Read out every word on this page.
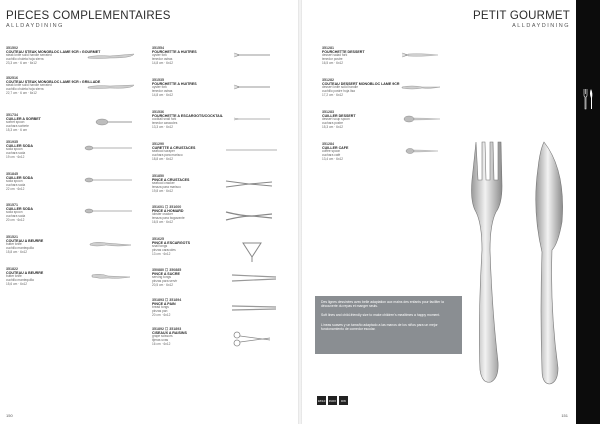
PIECES COMPLEMENTAIRES
ALLDAYDINING
351502
COUTEAU STEAK MONOBLOC LAME 9CR • GOURMET
steak knife solid handle serrated
cuchillo chuleta hoja sierra
23,3 cm · 6 cm · 6x12
352516
COUTEAU STEAK MONOBLOC LAME 9CR • GRILLADE
steak knife solid handle serrated
cuchillo chuleta hoja sierra
22,7 cm · 6 cm · 6x12
351734
CUILLER A SORBET
sorbet spoon
cuchara sorbete
15,3 cm · 6 cm
351935
CUILLER SODA
soda spoon
cuchara soda
19 cm · 6x12
351845
CUILLER SODA
soda spoon
cuchara soda
22 cm · 6x12
351571
CUILLER SODA
soda spoon
cuchara soda
20 cm · 6x12
351521
COUTEAU A BEURRE
butter knife
cuchillo mantequilla
15,8 cm · 6x12
351822
COUTEAU A BEURRE
butter knife
cuchillo mantequilla
15,6 cm · 6x12
351554
FOURCHETTE A HUITRES
oyster fork
tenedor ostras
14,8 cm · 6x12
351535
FOURCHETTE A HUITRES
oyster fork
tenedor ostras
14,8 cm · 6x12
351536
FOURCHETTE A ESCARGOTS/COCKTAIL
cocktail snail fork
tenedor caracoles
13,3 cm · 6x12
351290
CURETTE A CRUSTACES
seafood scraper
cuchara para marisco
18,8 cm · 6x12
351850
PINCE A CRUSTACES
seafood cracker
tenaza para marisco
19,8 cm · 6x12
351601 ☐ 351600
PINCE A HOMARD
lobster cracker
tenaza para bogavante
16,5 cm · 6x12
351625
PINCE A ESCARGOTS
snail tongs
pinzas caracoles
13 cm · 6x12
350880 ☐ 350885
PINCE A SUCRE
serving tongs
pinzas para servir
20,5 cm · 6x12
351893 ☐ 351894
PINCE A PAIN
bread tongs
pinzas pan
20 cm · 6x12
351892 ☐ 351893
CISEAUX A RAISINS
grape scissors
tijeras uvas
16 cm · 6x12
150
PETIT GOURMET
ALLDAYDINING
351281
FOURCHETTE DESSERT
dessert salad fork
tenedor postre
16,5 cm · 6x12
351282
COUTEAU DESSERT MONOBLOC LAME 9CR
dessert knife solid handle
cuchillo postre hoja lisa
17,2 cm · 6x12
351283
CUILLER DESSERT
dessert soup spoon
cuchara postre
15,3 cm · 6x12
351284
CUILLER CAFE
coffee spoon
cuchara café
13,4 cm · 6x12

Des lignes dessinées avec belle adaptation aux mains des enfants pour faciliter la découverte du repas et manger seuls.

Soft lines and child-friendly size to make children's mealtimes a happy moment.

Líneas suaves y un tamaño adaptado a las manos de los niños para un mejor funcionamiento de comedor escolar.

18/10 INOX	DW
151
